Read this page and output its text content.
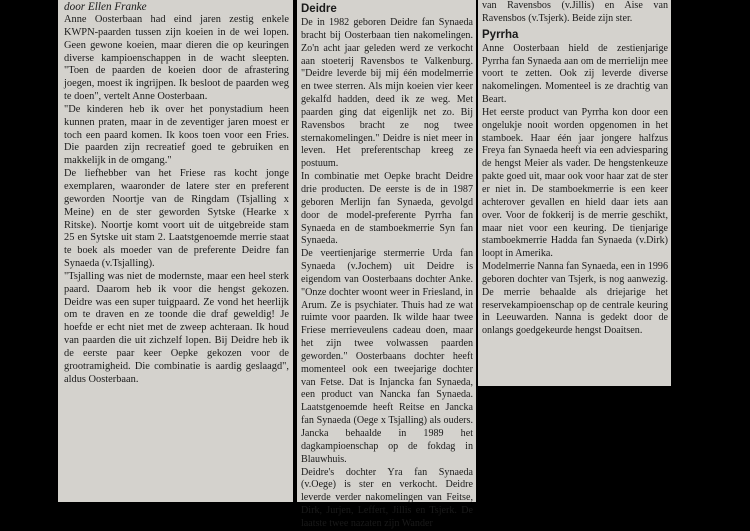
door Ellen Franke

Anne Oosterbaan had eind jaren zestig enkele KWPN-paarden tussen zijn koeien in de wei lopen. Geen gewone koeien, maar dieren die op keuringen diverse kampioenschappen in de wacht sleepten. "Toen de paarden de koeien door de afrastering joegen, moest ik ingrijpen. Ik besloot de paarden weg te doen", vertelt Anne Oosterbaan.

"De kinderen heb ik over het ponystadium heen kunnen praten, maar in de zeventiger jaren moest er toch een paard komen. Ik koos toen voor een Fries. Die paarden zijn recreatief goed te gebruiken en makkelijk in de omgang."

De liefhebber van het Friese ras kocht jonge exemplaren, waaronder de latere ster en preferent geworden Noortje van de Ringdam (Tsjalling x Meine) en de ster geworden Sytske (Hearke x Ritske). Noortje komt voort uit de uitgebreide stam 25 en Sytske uit stam 2. Laatstgenoemde merrie staat te boek als moeder van de preferente Deidre fan Synaeda (v.Tsjalling).

"Tsjalling was niet de modernste, maar een heel sterk paard. Daarom heb ik voor die hengst gekozen. Deidre was een super tuigpaard. Ze vond het heerlijk om te draven en ze toonde die draf geweldig! Je hoefde er echt niet met de zweep achteraan. Ik houd van paarden die uit zichzelf lopen. Bij Deidre heb ik de eerste paar keer Oepke gekozen voor de grootramigheid. Die combinatie is aardig geslaagd", aldus Oosterbaan.

Deidre

De in 1982 geboren Deidre fan Synaeda bracht bij Oosterbaan tien nakomelingen. Zo'n acht jaar geleden werd ze verkocht aan stoeterij Ravensbos te Valkenburg. "Deidre leverde bij mij één modelmerrie en twee sterren. Als mijn koeien vier keer gekalfd hadden, deed ik ze weg. Met paarden ging dat eigenlijk net zo. Bij Ravensbos bracht ze nog twee sternakomelingen." Deidre is niet meer in leven. Het preferentschap kreeg ze postuum.

In combinatie met Oepke bracht Deidre drie producten. De eerste is de in 1987 geboren Merlijn fan Synaeda, gevolgd door de model-preferente Pyrrha fan Synaeda en de stamboekmerrie Syn fan Synaeda.

De veertienjarige stermerrie Urda fan Synaeda (v.Jochem) uit Deidre is eigendom van Oosterbaans dochter Anke. "Onze dochter woont weer in Friesland, in Arum. Ze is psychiater. Thuis had ze wat ruimte voor paarden. Ik wilde haar twee Friese merrieveulens cadeau doen, maar het zijn twee volwassen paarden geworden." Oosterbaans dochter heeft momenteel ook een tweejarige dochter van Fetse. Dat is Injancka fan Synaeda, een product van Nancka fan Synaeda. Laatstgenoemde heeft Reitse en Jancka fan Synaeda (Oege x Tsjalling) als ouders. Jancka behaalde in 1989 het dagkampioenschap op de fokdag in Blauwhuis.

Deidre's dochter Yra fan Synaeda (v.Oege) is ster en verkocht. Deidre leverde verder nakomelingen van Feitse, Dirk, Jurjen, Leffert, Jillis en Tsjerk. De laatste twee nazaten zijn Wander

van Ravensbos (v.Jillis) en Aise van Ravensbos (v.Tsjerk). Beide zijn ster.

Pyrrha

Anne Oosterbaan hield de zestienjarige Pyrrha fan Synaeda aan om de merrielijn mee voort te zetten. Ook zij leverde diverse nakomelingen. Momenteel is ze drachtig van Beart.

Het eerste product van Pyrrha kon door een ongelukje nooit worden opgenomen in het stamboek. Haar één jaar jongere halfzus Freya fan Synaeda heeft via een adviesparing de hengst Meier als vader. De hengstenkeuze pakte goed uit, maar ook voor haar zat de ster er niet in. De stamboekmerrie is een keer achterover gevallen en hield daar iets aan over. Voor de fokkerij is de merrie geschikt, maar niet voor een keuring. De tienjarige stamboekmerrie Hadda fan Synaeda (v.Dirk) loopt in Amerika.

Modelmerrie Nanna fan Synaeda, een in 1996 geboren dochter van Tsjerk, is nog aanwezig. De merrie behaalde als driejarige het reservekampioenschap op de centrale keuring in Leeuwarden. Nanna is gedekt door de onlangs goedgekeurde hengst Doaitsen.
